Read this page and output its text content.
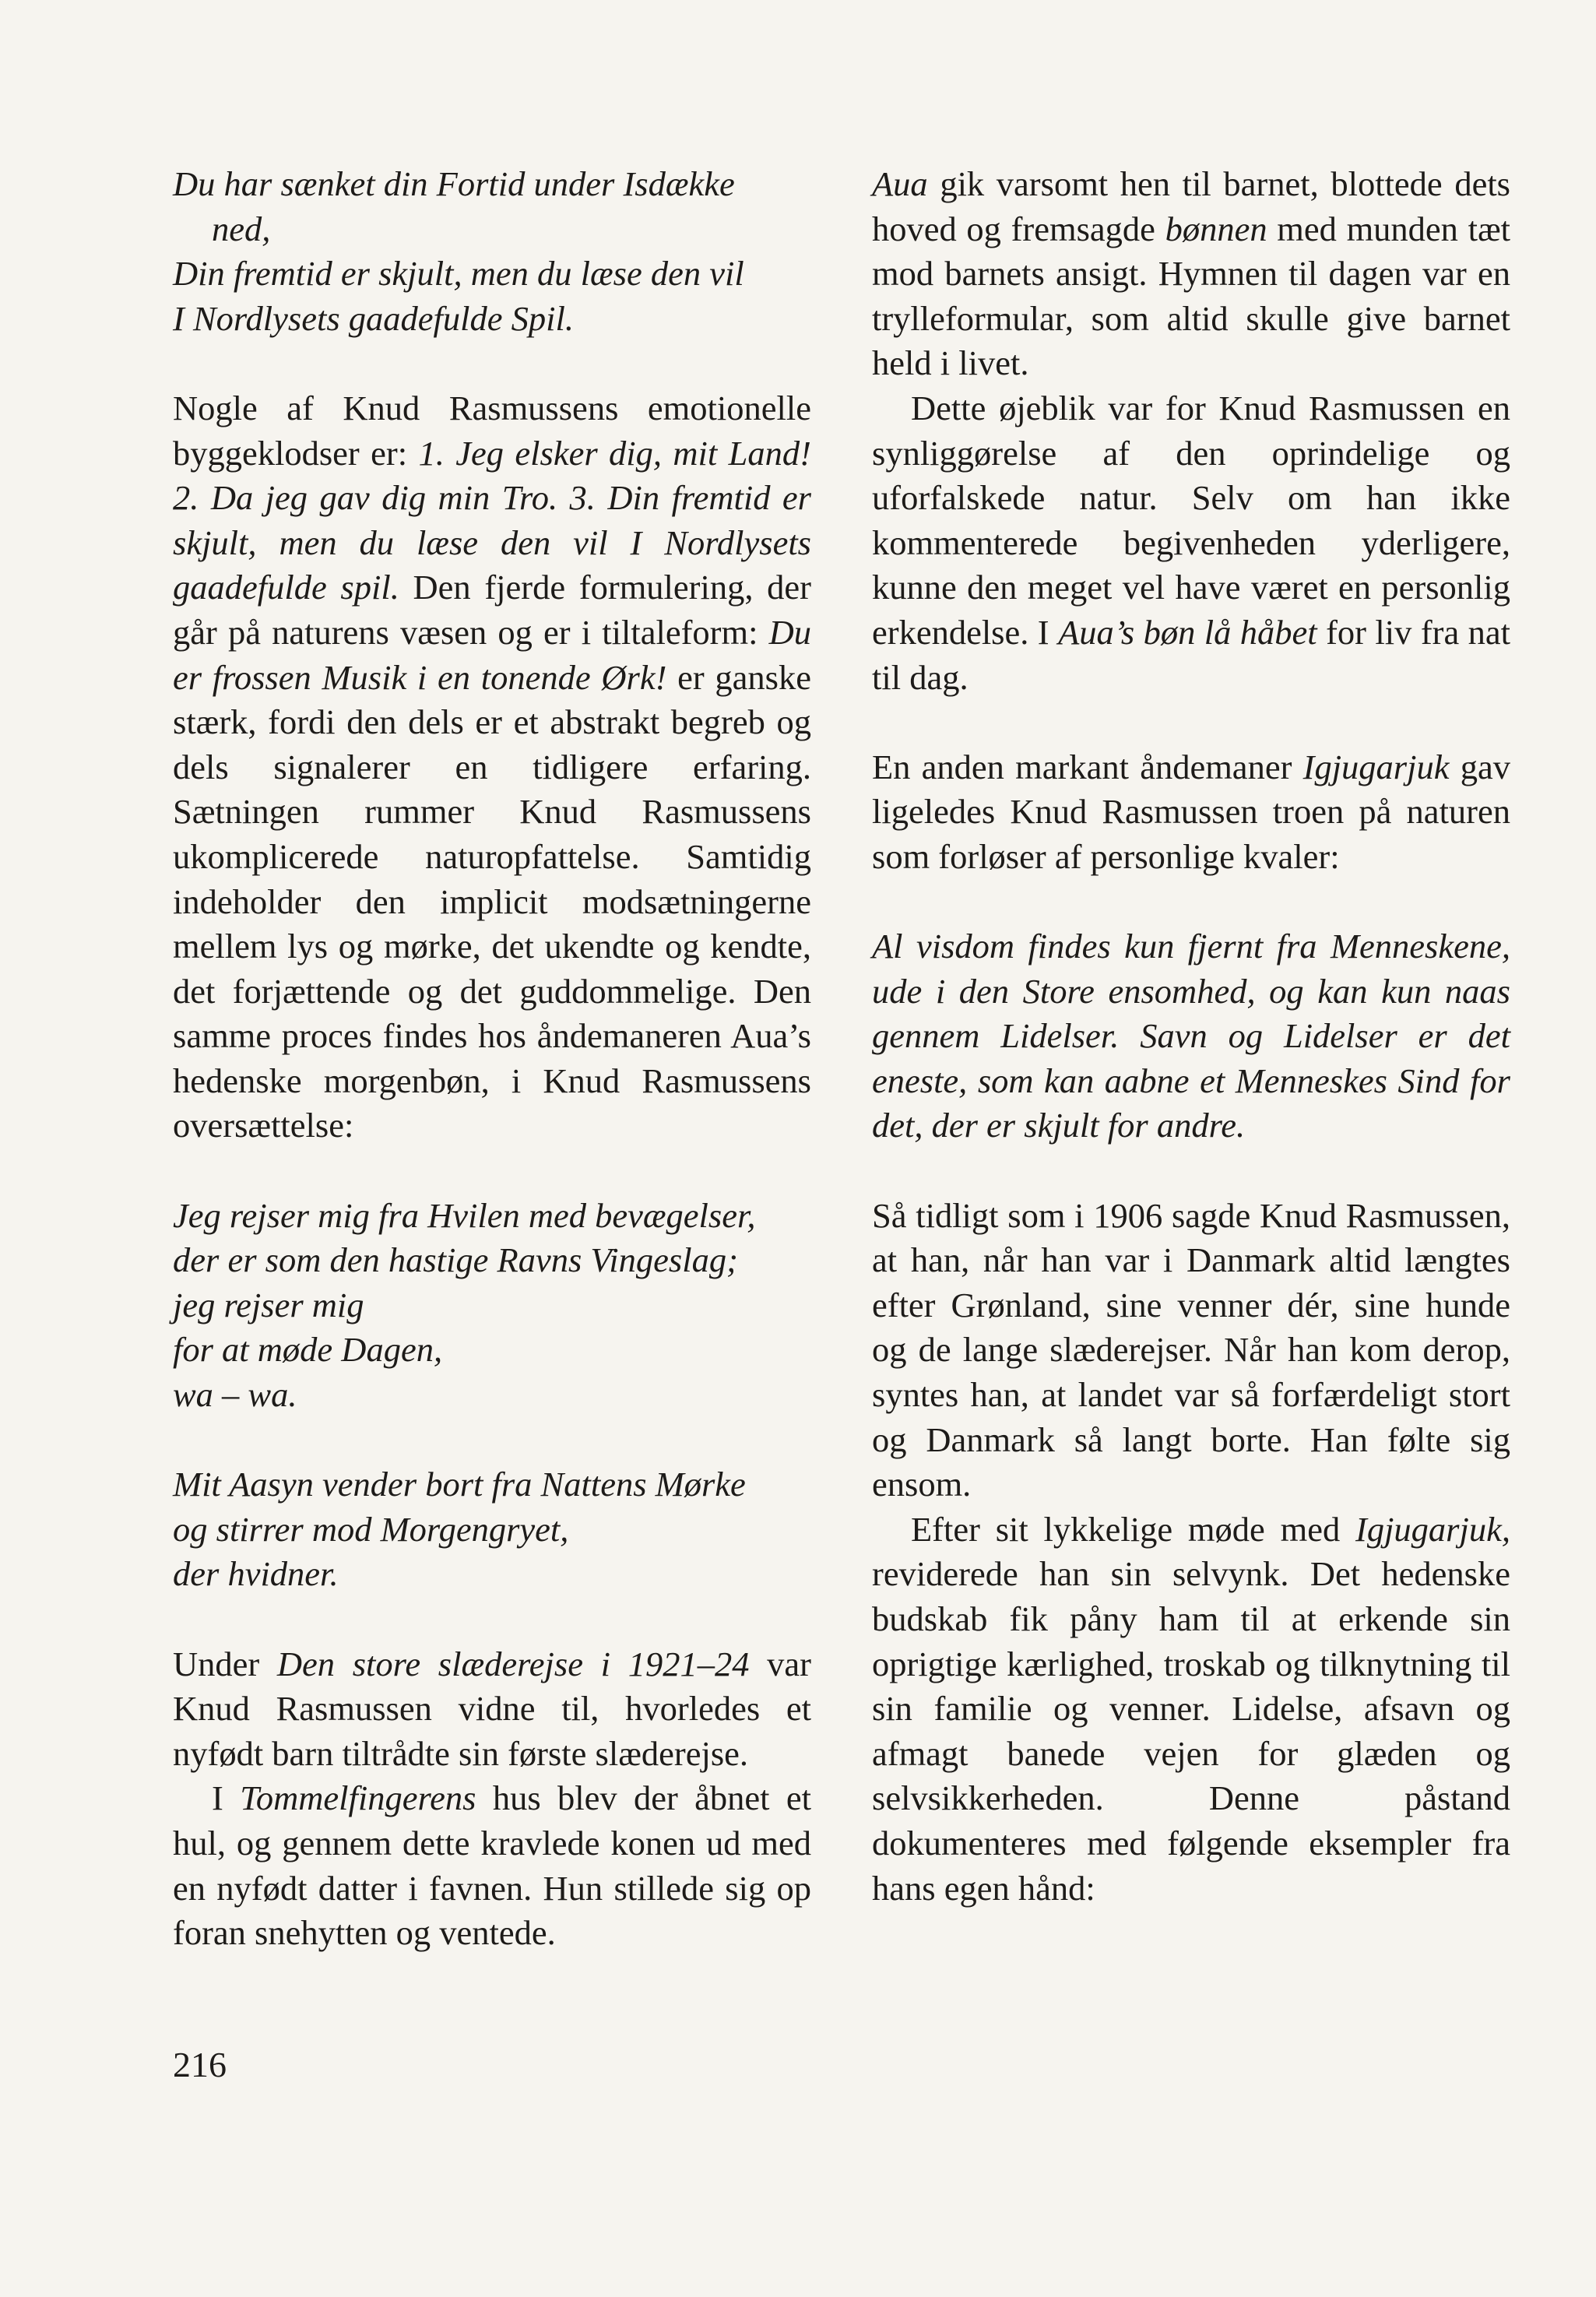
Du har sænket din Fortid under Isdække
ned,
Din fremtid er skjult, men du læse den vil
I Nordlysets gaadefulde Spil.

Nogle af Knud Rasmussens emotionelle byggeklodser er: 1. Jeg elsker dig, mit Land! 2. Da jeg gav dig min Tro. 3. Din fremtid er skjult, men du læse den vil I Nordlysets gaadefulde spil. Den fjerde formulering, der går på naturens væsen og er i tiltaleform: Du er frossen Musik i en tonende Ørk! er ganske stærk, fordi den dels er et abstrakt begreb og dels signalerer en tidligere erfaring. Sætningen rummer Knud Rasmussens ukomplicerede naturopfattelse. Samtidig indeholder den implicit modsætningerne mellem lys og mørke, det ukendte og kendte, det forjættende og det guddommelige. Den samme proces findes hos åndemaneren Aua’s hedenske morgenbøn, i Knud Rasmussens oversættelse:

Jeg rejser mig fra Hvilen med bevægelser,
der er som den hastige Ravns Vingeslag;
jeg rejser mig
for at møde Dagen,
wa – wa.
Mit Aasyn vender bort fra Nattens Mørke
og stirrer mod Morgengryet,
der hvidner.

Under Den store slæderejse i 1921–24 var Knud Rasmussen vidne til, hvorledes et nyfødt barn tiltrådte sin første slæderejse.

I Tommelfingerens hus blev der åbnet et hul, og gennem dette kravlede konen ud med en nyfødt datter i favnen. Hun stillede sig op foran snehytten og ventede.

Aua gik varsomt hen til barnet, blottede dets hoved og fremsagde bønnen med munden tæt mod barnets ansigt. Hymnen til dagen var en trylleformular, som altid skulle give barnet held i livet.

Dette øjeblik var for Knud Rasmussen en synliggørelse af den oprindelige og uforfalskede natur. Selv om han ikke kommenterede begivenheden yderligere, kunne den meget vel have været en personlig erkendelse. I Aua’s bøn lå håbet for liv fra nat til dag.

En anden markant åndemaner Igjugarjuk gav ligeledes Knud Rasmussen troen på naturen som forløser af personlige kvaler:

Al visdom findes kun fjernt fra Menneskene, ude i den Store ensomhed, og kan kun naas gennem Lidelser. Savn og Lidelser er det eneste, som kan aabne et Menneskes Sind for det, der er skjult for andre.

Så tidligt som i 1906 sagde Knud Rasmussen, at han, når han var i Danmark altid længtes efter Grønland, sine venner dér, sine hunde og de lange slæderejser. Når han kom derop, syntes han, at landet var så forfærdeligt stort og Danmark så langt borte. Han følte sig ensom.

Efter sit lykkelige møde med Igjugarjuk, reviderede han sin selvynk. Det hedenske budskab fik påny ham til at erkende sin oprigtige kærlighed, troskab og tilknytning til sin familie og venner. Lidelse, afsavn og afmagt banede vejen for glæden og selvsikkerheden. Denne påstand dokumenteres med følgende eksempler fra hans egen hånd:

216
